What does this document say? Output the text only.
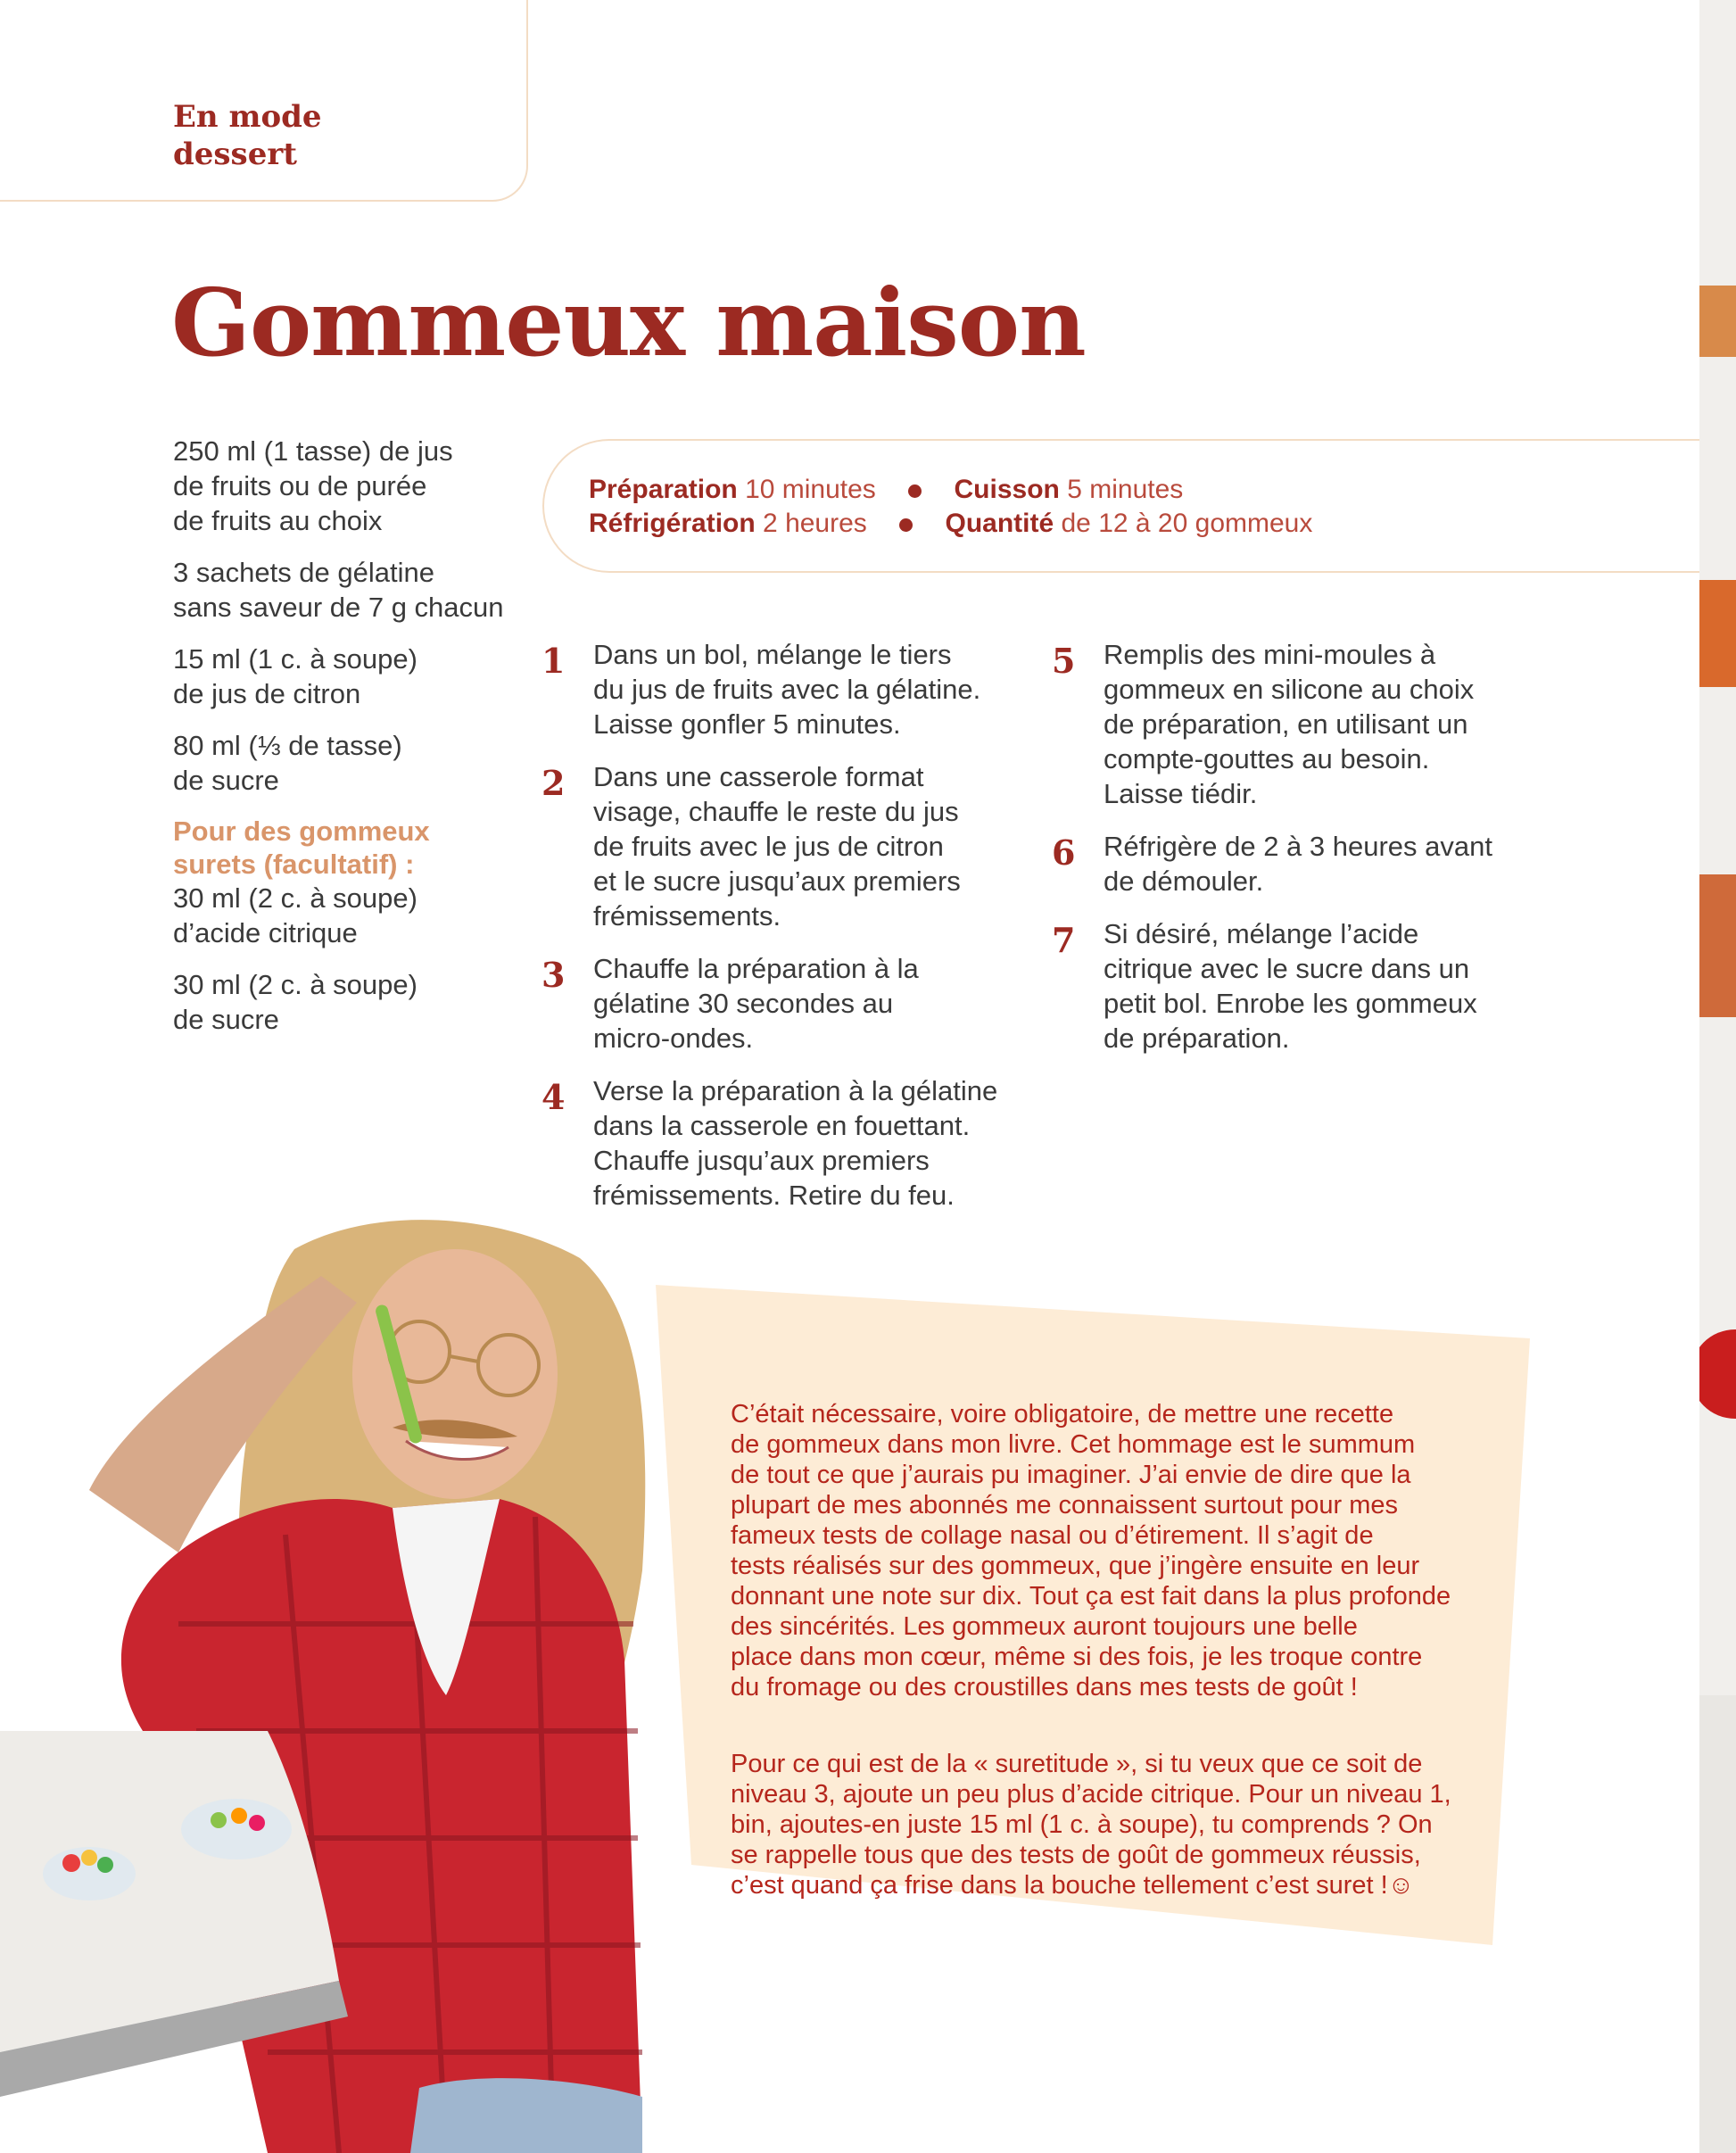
En mode
dessert
Gommeux maison
250 ml (1 tasse) de jus
de fruits ou de purée
de fruits au choix
3 sachets de gélatine
sans saveur de 7 g chacun
15 ml (1 c. à soupe)
de jus de citron
80 ml (⅓ de tasse)
de sucre
Pour des gommeux
surets (facultatif) :
30 ml (2 c. à soupe)
d’acide citrique
30 ml (2 c. à soupe)
de sucre
Préparation 10 minutes	Cuisson 5 minutes
Réfrigération 2 heures	Quantité de 12 à 20 gommeux
1 Dans un bol, mélange le tiers
du jus de fruits avec la gélatine.
Laisse gonfler 5 minutes.
2 Dans une casserole format
visage, chauffe le reste du jus
de fruits avec le jus de citron
et le sucre jusqu’aux premiers
frémissements.
3 Chauffe la préparation à la
gélatine 30 secondes au
micro-ondes.
4 Verse la préparation à la gélatine
dans la casserole en fouettant.
Chauffe jusqu’aux premiers
frémissements. Retire du feu.
5 Remplis des mini-moules à
gommeux en silicone au choix
de préparation, en utilisant un
compte-gouttes au besoin.
Laisse tiédir.
6 Réfrigère de 2 à 3 heures avant
de démouler.
7 Si désiré, mélange l’acide
citrique avec le sucre dans un
petit bol. Enrobe les gommeux
de préparation.

C’était nécessaire, voire obligatoire, de mettre une recette
de gommeux dans mon livre. Cet hommage est le summum
de tout ce que j’aurais pu imaginer. J’ai envie de dire que la
plupart de mes abonnés me connaissent surtout pour mes
fameux tests de collage nasal ou d’étirement. Il s’agit de
tests réalisés sur des gommeux, que j’ingère ensuite en leur
donnant une note sur dix. Tout ça est fait dans la plus profonde
des sincérités. Les gommeux auront toujours une belle
place dans mon cœur, même si des fois, je les troque contre
du fromage ou des croustilles dans mes tests de goût !

Pour ce qui est de la « suretitude », si tu veux que ce soit de
niveau 3, ajoute un peu plus d’acide citrique. Pour un niveau 1,
bin, ajoutes-en juste 15 ml (1 c. à soupe), tu comprends ? On
se rappelle tous que des tests de goût de gommeux réussis,
c’est quand ça frise dans la bouche tellement c’est suret !☺
